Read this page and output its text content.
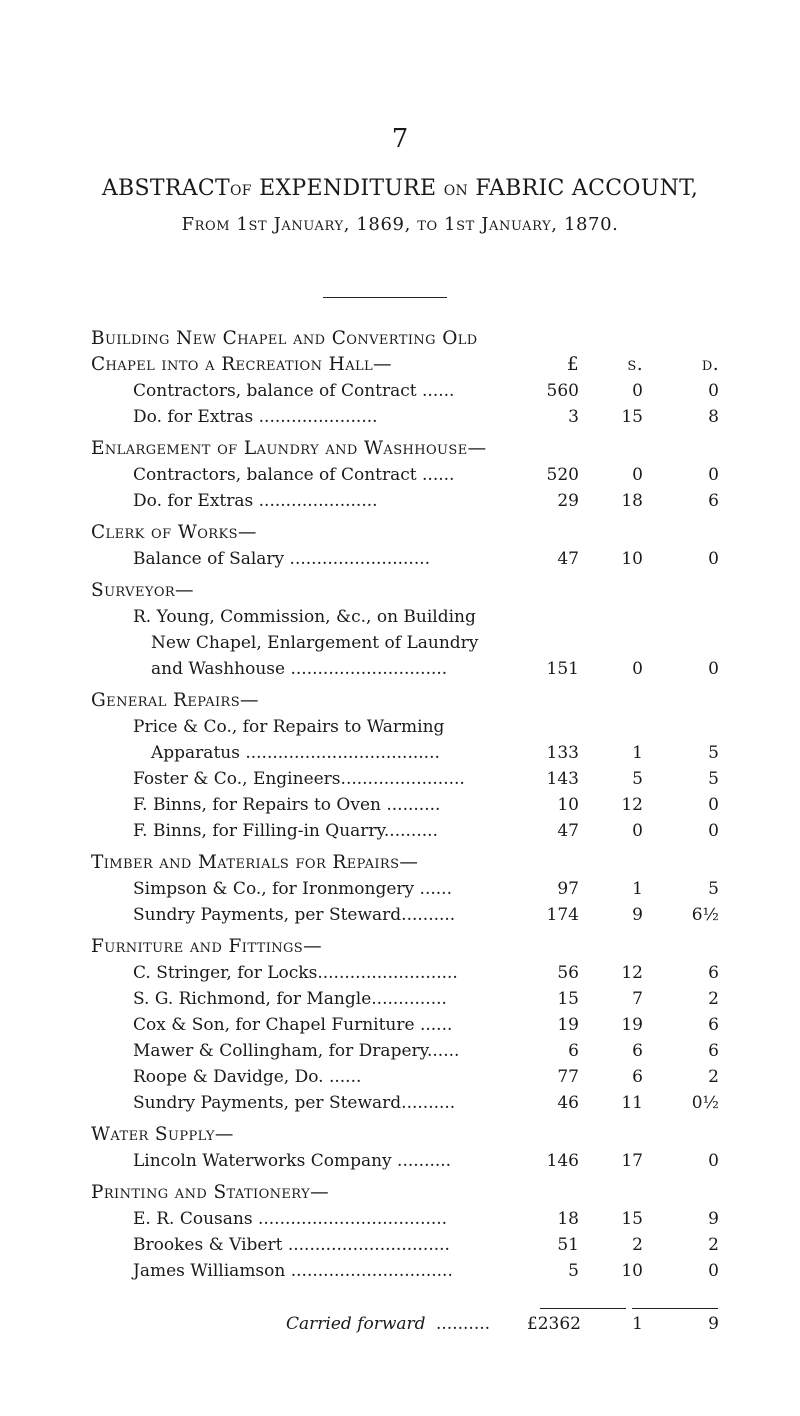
7
ABSTRACTOF EXPENDITURE ON FABRIC ACCOUNT,
From 1st January, 1869, to 1st January, 1870.
Building New Chapel and Converting Old
Chapel into a Recreation Hall—	£	s.	d.
Contractors, balance of Contract ......	560	0	0
Do. for Extras ......................	3	15	8
Enlargement of Laundry and Washhouse—
Contractors, balance of Contract ......	520	0	0
Do. for Extras ......................	29	18	6
Clerk of Works—
Balance of Salary ..........................	47	10	0
Surveyor—
R. Young, Commission, &c., on Building
New Chapel, Enlargement of Laundry
and Washhouse .............................	151	0	0
General Repairs—
Price & Co., for Repairs to Warming
Apparatus ....................................	133	1	5
Foster & Co., Engineers.......................	143	5	5
F. Binns, for Repairs to Oven ..........	10	12	0
F. Binns, for Filling-in Quarry..........	47	0	0
Timber and Materials for Repairs—
Simpson & Co., for Ironmongery ......	97	1	5
Sundry Payments, per Steward..........	174	9	6½
Furniture and Fittings—
C. Stringer, for Locks..........................	56	12	6
S. G. Richmond, for Mangle..............	15	7	2
Cox & Son, for Chapel Furniture ......	19	19	6
Mawer & Collingham, for Drapery......	6	6	6
Roope & Davidge, Do. ......	77	6	2
Sundry Payments, per Steward..........	46	11	0½
Water Supply—
Lincoln Waterworks Company ..........	146	17	0
Printing and Stationery—
E. R. Cousans ...................................	18	15	9
Brookes & Vibert ..............................	51	2	2
James Williamson ..............................	5	10	0
Carried forward .......... £2362	1	9
